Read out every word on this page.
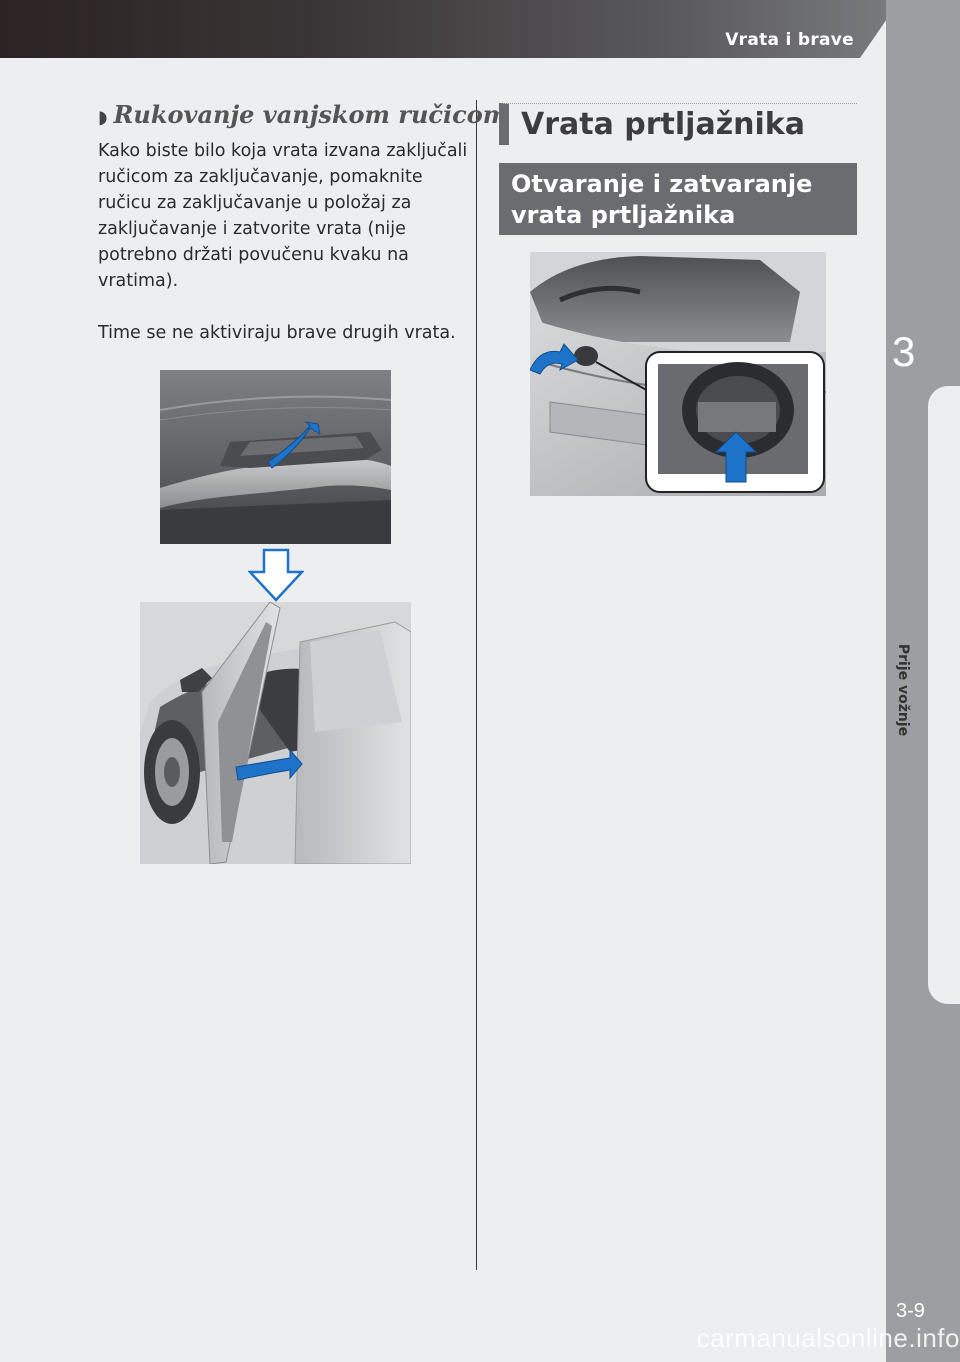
Vrata i brave
3
Prije vožnje
3-9
◗ Rukovanje vanjskom ručicom

Kako biste bilo koja vrata izvana zaključali ručicom za zaključavanje, pomaknite ručicu za zaključavanje u položaj za zaključavanje i zatvorite vrata (nije potrebno držati povučenu kvaku na vratima).

Time se ne aktiviraju brave drugih vrata.

Vrata prtljažnika
Otvaranje i zatvaranje vrata prtljažnika
carmanualsonline.info
